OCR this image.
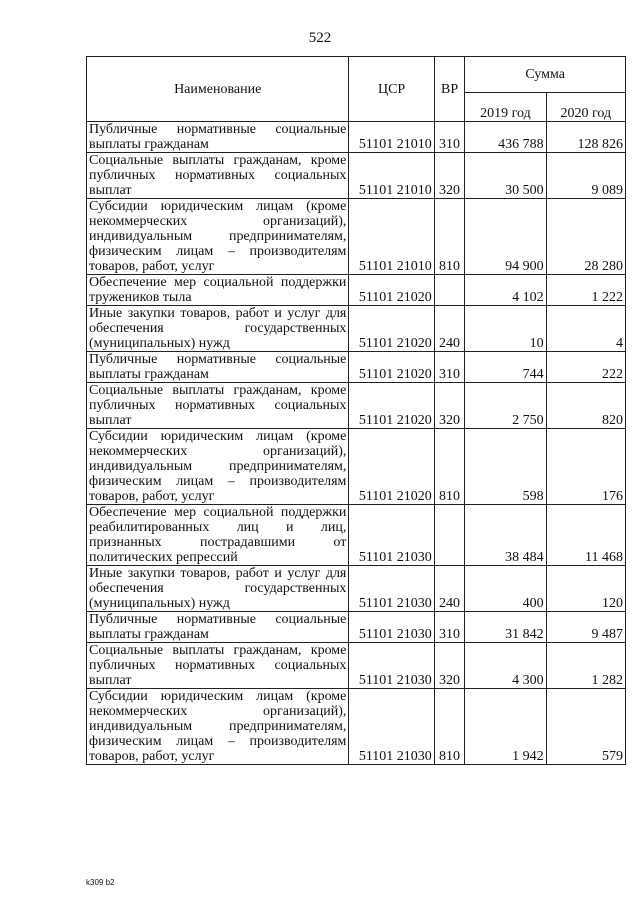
522
Наименование	ЦСР	ВР	Сумма	
			2019 год	2020 год
Публичные нормативные социальные выплаты гражданам	51101 21010	310	436 788	128 826
Социальные выплаты гражданам, кроме публичных нормативных социальных выплат	51101 21010	320	30 500	9 089
Субсидии юридическим лицам (кроме некоммерческих организаций), индивидуальным предпринимателям, физическим лицам – производителям товаров, работ, услуг	51101 21010	810	94 900	28 280
Обеспечение мер социальной поддержки тружеников тыла	51101 21020		4 102	1 222
Иные закупки товаров, работ и услуг для обеспечения государственных (муниципальных) нужд	51101 21020	240	10	4
Публичные нормативные социальные выплаты гражданам	51101 21020	310	744	222
Социальные выплаты гражданам, кроме публичных нормативных социальных выплат	51101 21020	320	2 750	820
Субсидии юридическим лицам (кроме некоммерческих организаций), индивидуальным предпринимателям, физическим лицам – производителям товаров, работ, услуг	51101 21020	810	598	176
Обеспечение мер социальной поддержки реабилитированных лиц и лиц, признанных пострадавшими от политических репрессий	51101 21030		38 484	11 468
Иные закупки товаров, работ и услуг для обеспечения государственных (муниципальных) нужд	51101 21030	240	400	120
Публичные нормативные социальные выплаты гражданам	51101 21030	310	31 842	9 487
Социальные выплаты гражданам, кроме публичных нормативных социальных выплат	51101 21030	320	4 300	1 282
Субсидии юридическим лицам (кроме некоммерческих организаций), индивидуальным предпринимателям, физическим лицам – производителям товаров, работ, услуг	51101 21030	810	1 942	579
k309 b2
